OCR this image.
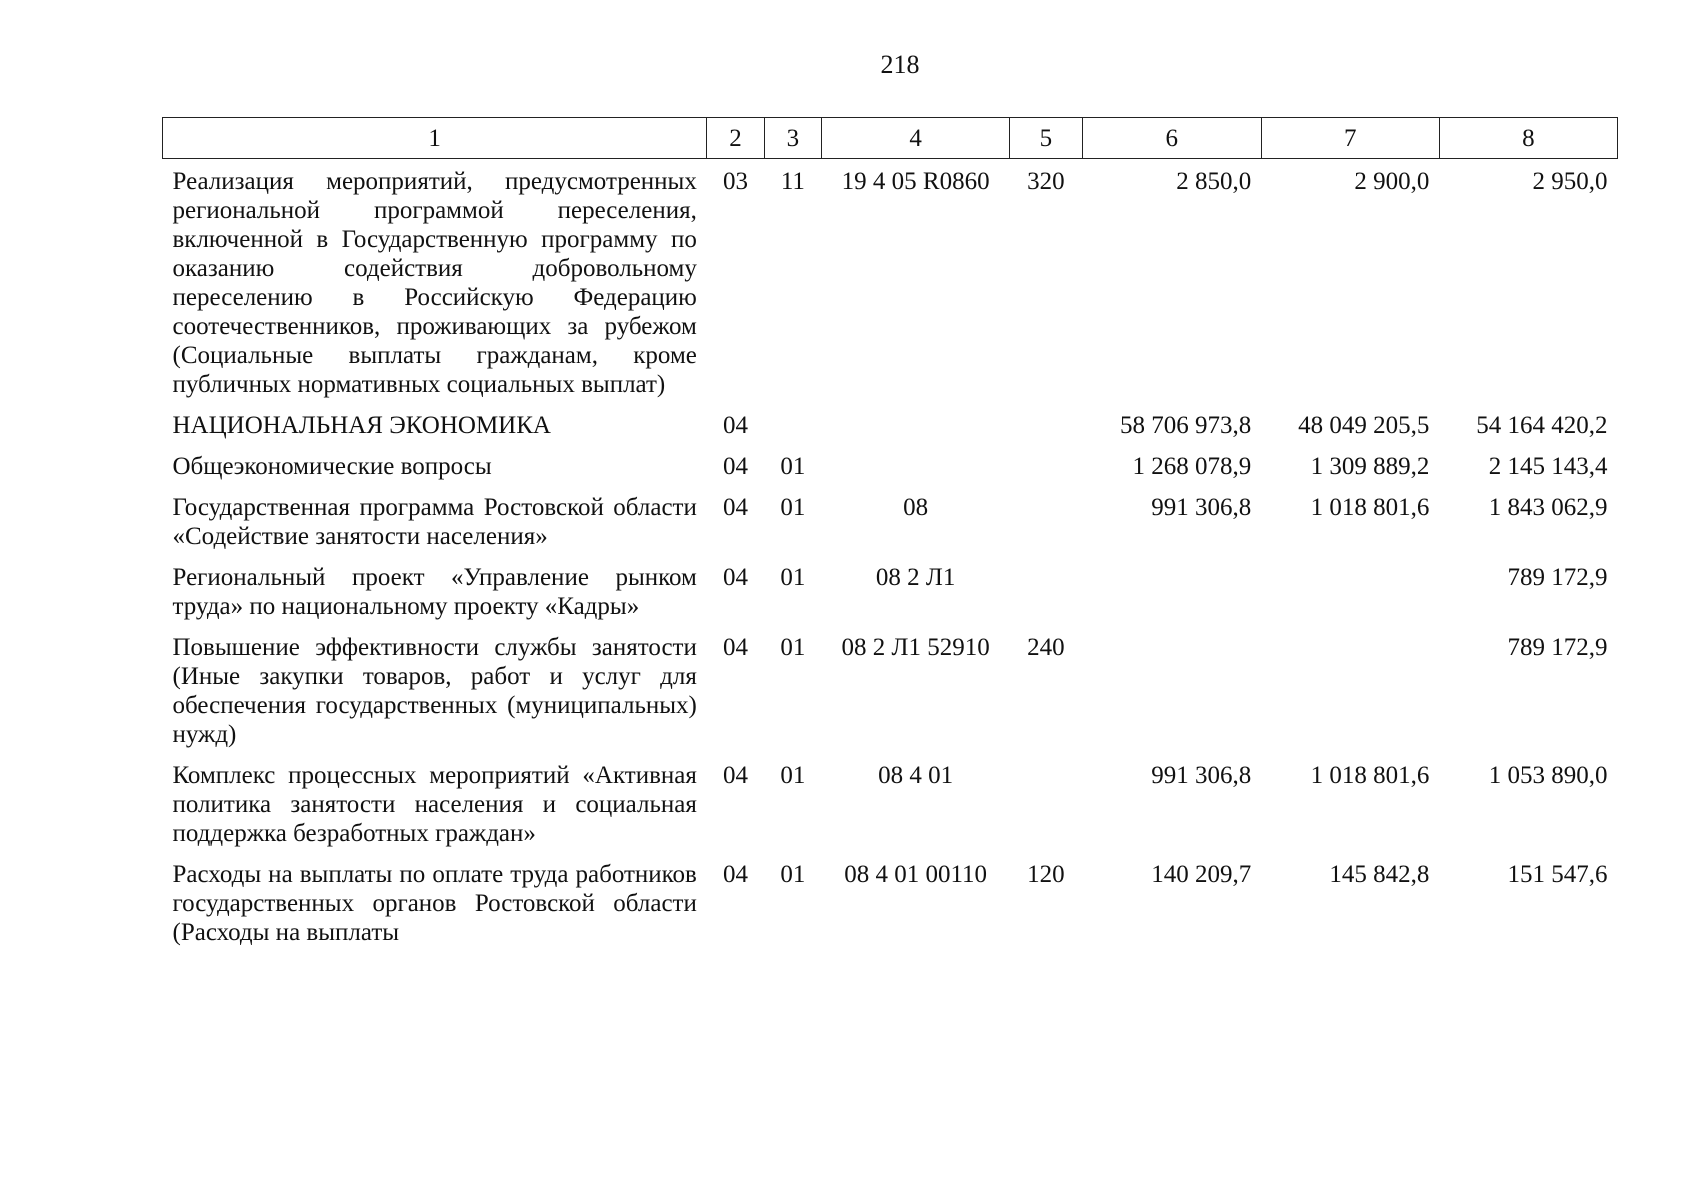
218
1	2	3	4	5	6	7	8
Реализация мероприятий, предусмотренных региональной программой переселения, включенной в Государственную программу по оказанию содействия добровольному переселению в Российскую Федерацию соотечественников, проживающих за рубежом (Социальные выплаты гражданам, кроме публичных нормативных социальных выплат)	03	11	19 4 05 R0860	320	2 850,0	2 900,0	2 950,0
НАЦИОНАЛЬНАЯ ЭКОНОМИКА	04				58 706 973,8	48 049 205,5	54 164 420,2
Общеэкономические вопросы	04	01			1 268 078,9	1 309 889,2	2 145 143,4
Государственная программа Ростовской области «Содействие занятости населения»	04	01	08		991 306,8	1 018 801,6	1 843 062,9
Региональный проект «Управление рынком труда» по национальному проекту «Кадры»	04	01	08 2 Л1				789 172,9
Повышение эффективности службы занятости (Иные закупки товаров, работ и услуг для обеспечения государственных (муниципальных) нужд)	04	01	08 2 Л1 52910	240			789 172,9
Комплекс процессных мероприятий «Активная политика занятости населения и социальная поддержка безработных граждан»	04	01	08 4 01		991 306,8	1 018 801,6	1 053 890,0
Расходы на выплаты по оплате труда работников государственных органов Ростовской области (Расходы на выплаты	04	01	08 4 01 00110	120	140 209,7	145 842,8	151 547,6
